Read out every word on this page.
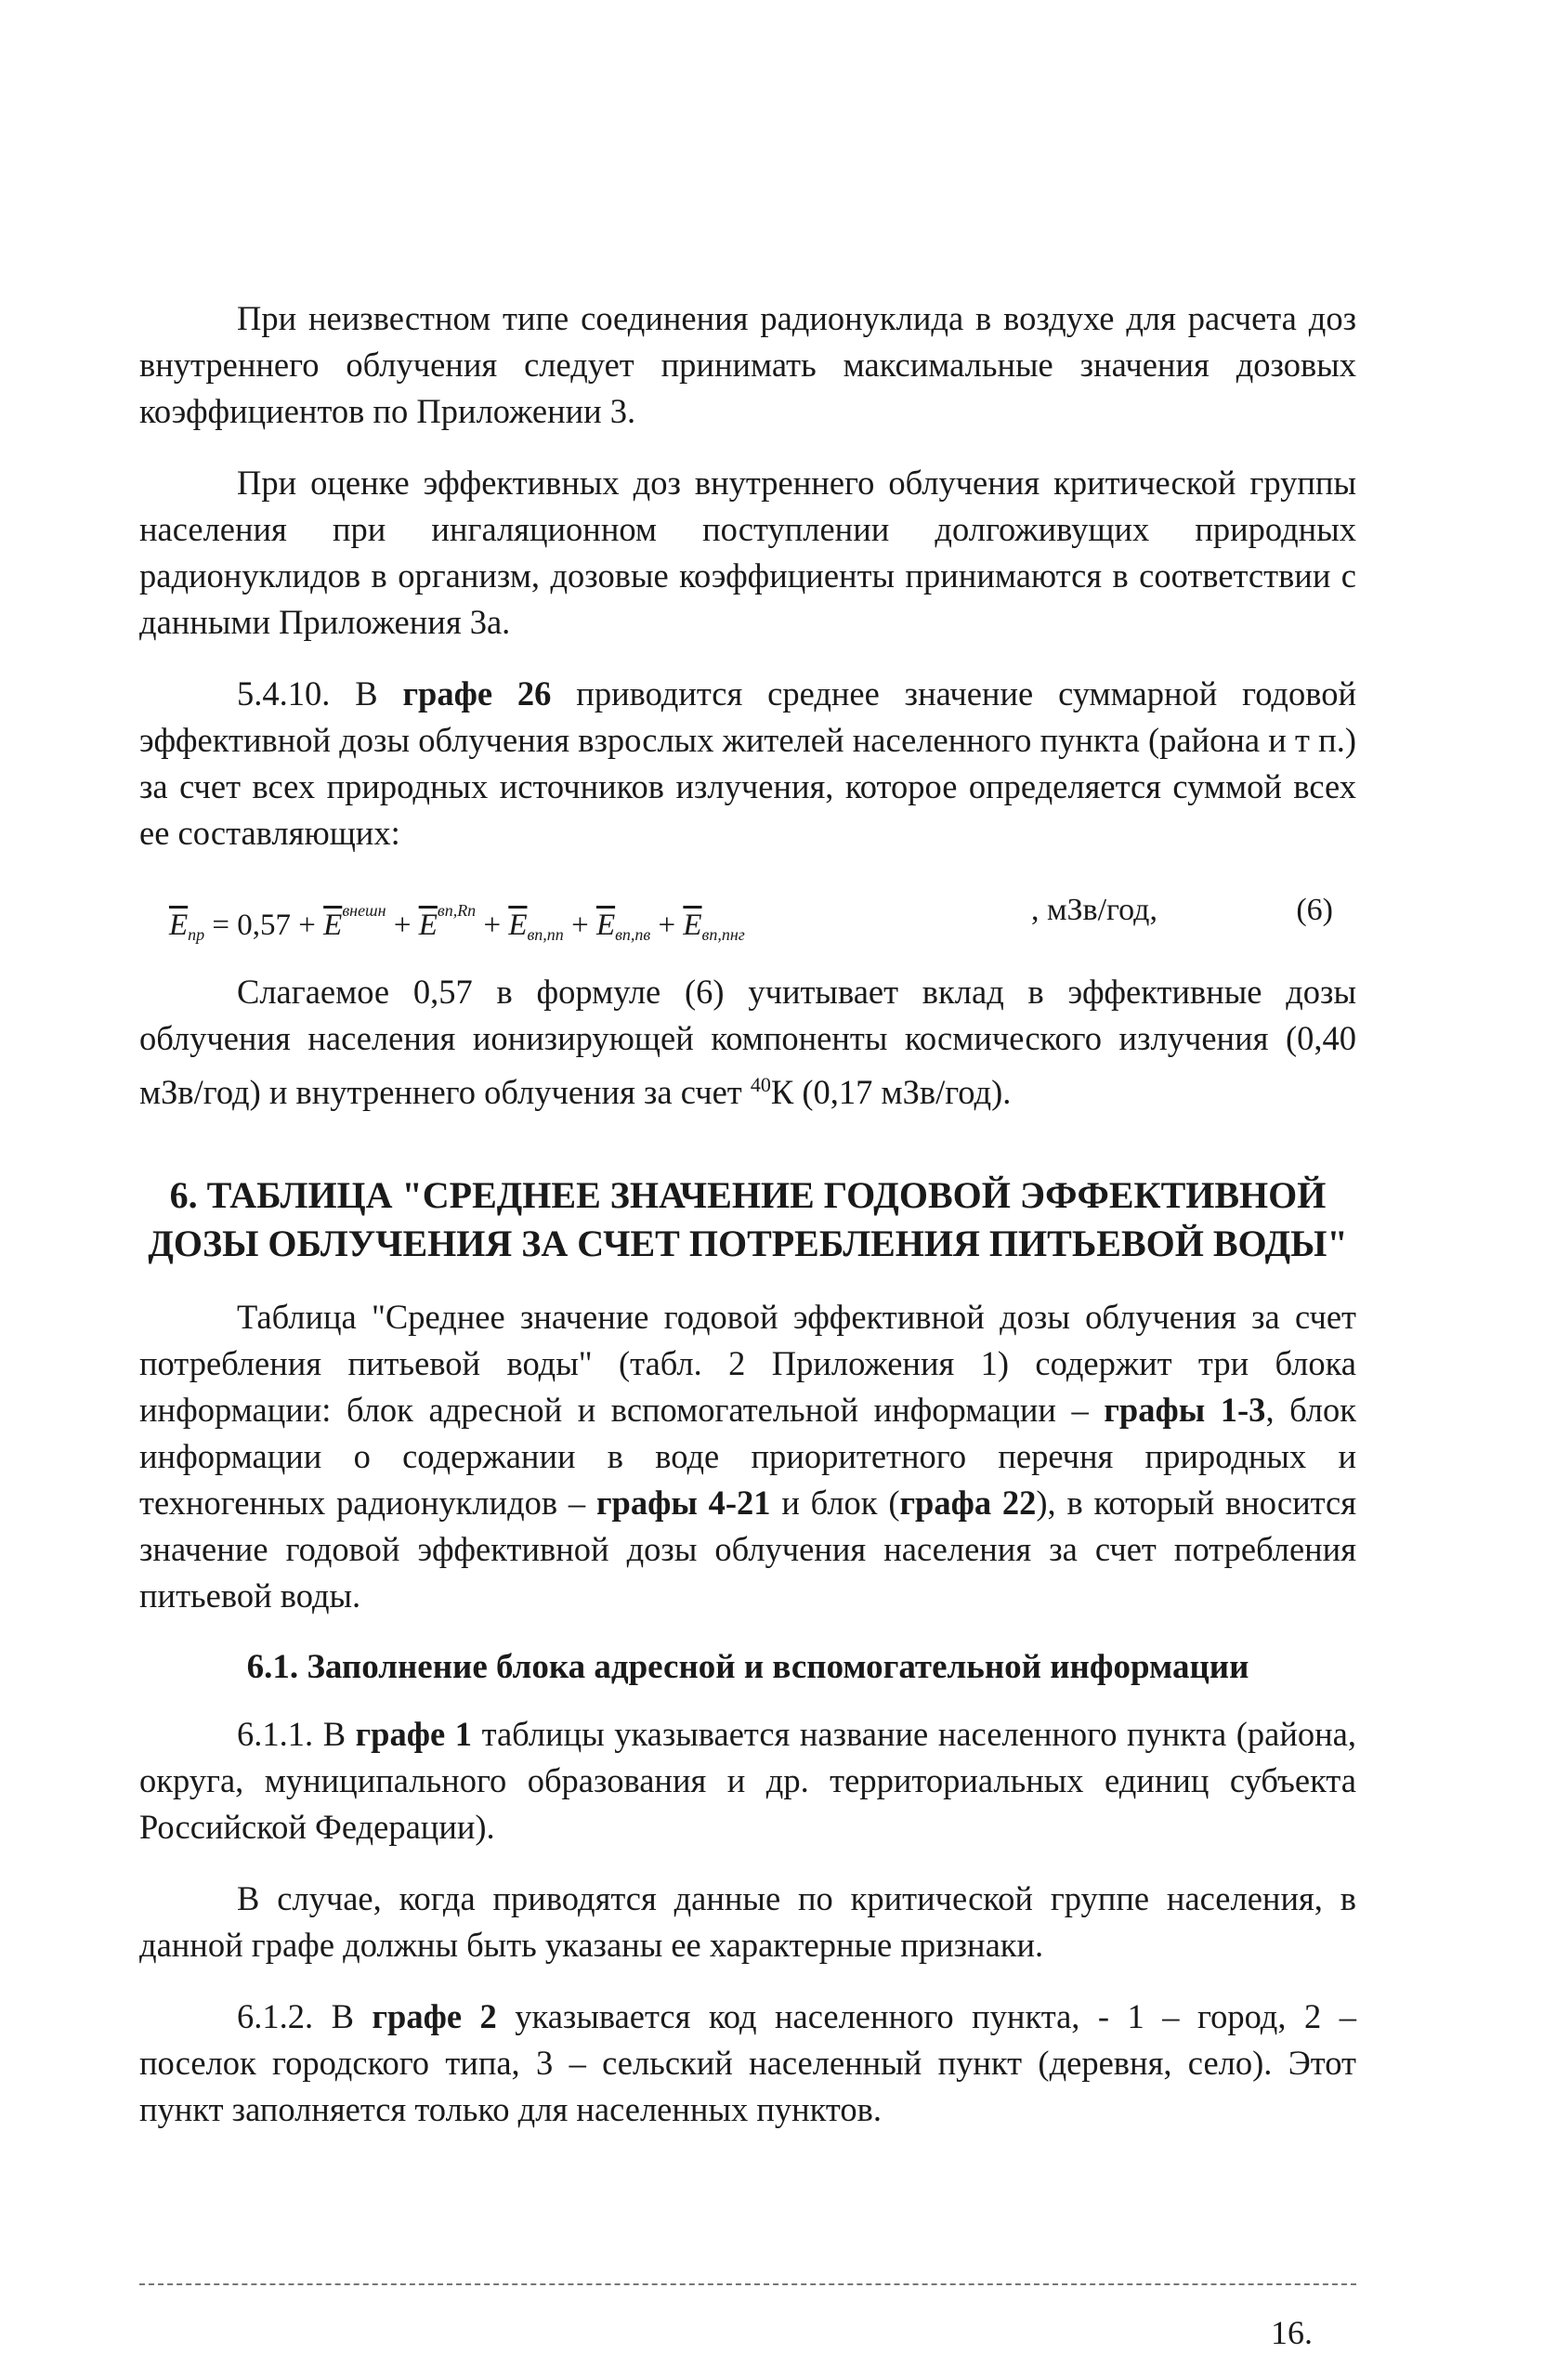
При неизвестном типе соединения радионуклида в воздухе для расчета доз внутреннего облучения следует принимать максимальные значения дозовых коэффициентов по Приложении 3.

При оценке эффективных доз внутреннего облучения критической группы населения при ингаляционном поступлении долгоживущих природных радионуклидов в организм, дозовые коэффициенты принимаются в соответствии с данными Приложения 3а.

5.4.10. В графе 26 приводится среднее значение суммарной годовой эффективной дозы облучения взрослых жителей населенного пункта (района и т п.) за счет всех природных источников излучения, которое определяется суммой всех ее составляющих:

$\overline{E}_{пр} = 0,57 + \overline{E}^{внешн} + \overline{E}^{вп,Rn} + \overline{E}_{вп,пп} + \overline{E}_{вп,пв} + \overline{E}_{вп,пнг}$
, мЗв/год,	(6)

Слагаемое 0,57 в формуле (6) учитывает вклад в эффективные дозы облучения населения ионизирующей компоненты космического излучения (0,40 мЗв/год) и внутреннего облучения за счет $^{40}$К (0,17 мЗв/год).

6. ТАБЛИЦА "СРЕДНЕЕ ЗНАЧЕНИЕ ГОДОВОЙ ЭФФЕКТИВНОЙ
ДОЗЫ ОБЛУЧЕНИЯ ЗА СЧЕТ ПОТРЕБЛЕНИЯ ПИТЬЕВОЙ ВОДЫ"

Таблица "Среднее значение годовой эффективной дозы облучения за счет потребления питьевой воды" (табл. 2 Приложения 1) содержит три блока информации: блок адресной и вспомогательной информации – графы 1-3, блок информации о содержании в воде приоритетного перечня природных и техногенных радионуклидов – графы 4-21 и блок (графа 22), в который вносится значение годовой эффективной дозы облучения населения за счет потребления питьевой воды.

6.1. Заполнение блока адресной и вспомогательной информации

6.1.1. В графе 1 таблицы указывается название населенного пункта (района, округа, муниципального образования и др. территориальных единиц субъекта Российской Федерации).

В случае, когда приводятся данные по критической группе населения, в данной графе должны быть указаны ее характерные признаки.

6.1.2. В графе 2 указывается код населенного пункта, - 1 – город, 2 – поселок городского типа, 3 – сельский населенный пункт (деревня, село). Этот пункт заполняется только для населенных пунктов.

16.
